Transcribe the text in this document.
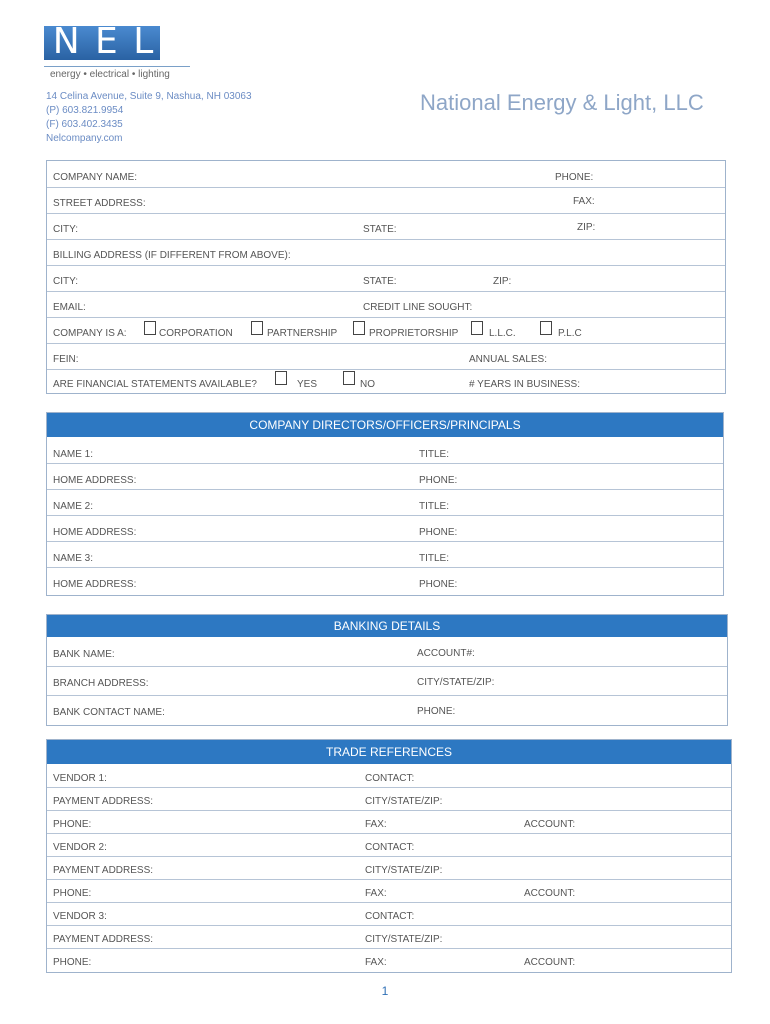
N E L
energy • electrical • lighting
14 Celina Avenue, Suite 9, Nashua, NH 03063
(P) 603.821.9954
(F) 603.402.3435
Nelcompany.com
National Energy & Light, LLC
COMPANY NAME:	PHONE:
STREET ADDRESS:	FAX:
CITY:	STATE:	ZIP:
BILLING ADDRESS (IF DIFFERENT FROM ABOVE):
CITY:	STATE:	ZIP:
EMAIL:	CREDIT LINE SOUGHT:
COMPANY IS A:	CORPORATION	PARTNERSHIP	PROPRIETORSHIP	L.L.C.	P.L.C
FEIN:	ANNUAL SALES:
ARE FINANCIAL STATEMENTS AVAILABLE?	YES	NO	# YEARS IN BUSINESS:
COMPANY DIRECTORS/OFFICERS/PRINCIPALS
NAME 1:	TITLE:
HOME ADDRESS:	PHONE:
NAME 2:	TITLE:
HOME ADDRESS:	PHONE:
NAME 3:	TITLE:
HOME ADDRESS:	PHONE:
BANKING DETAILS
BANK NAME:	ACCOUNT#:
BRANCH ADDRESS:	CITY/STATE/ZIP:
BANK CONTACT NAME:	PHONE:
TRADE REFERENCES
VENDOR 1:	CONTACT:
PAYMENT ADDRESS:	CITY/STATE/ZIP:
PHONE:	FAX:	ACCOUNT:
VENDOR 2:	CONTACT:
PAYMENT ADDRESS:	CITY/STATE/ZIP:
PHONE:	FAX:	ACCOUNT:
VENDOR 3:	CONTACT:
PAYMENT ADDRESS:	CITY/STATE/ZIP:
PHONE:	FAX:	ACCOUNT:
1
